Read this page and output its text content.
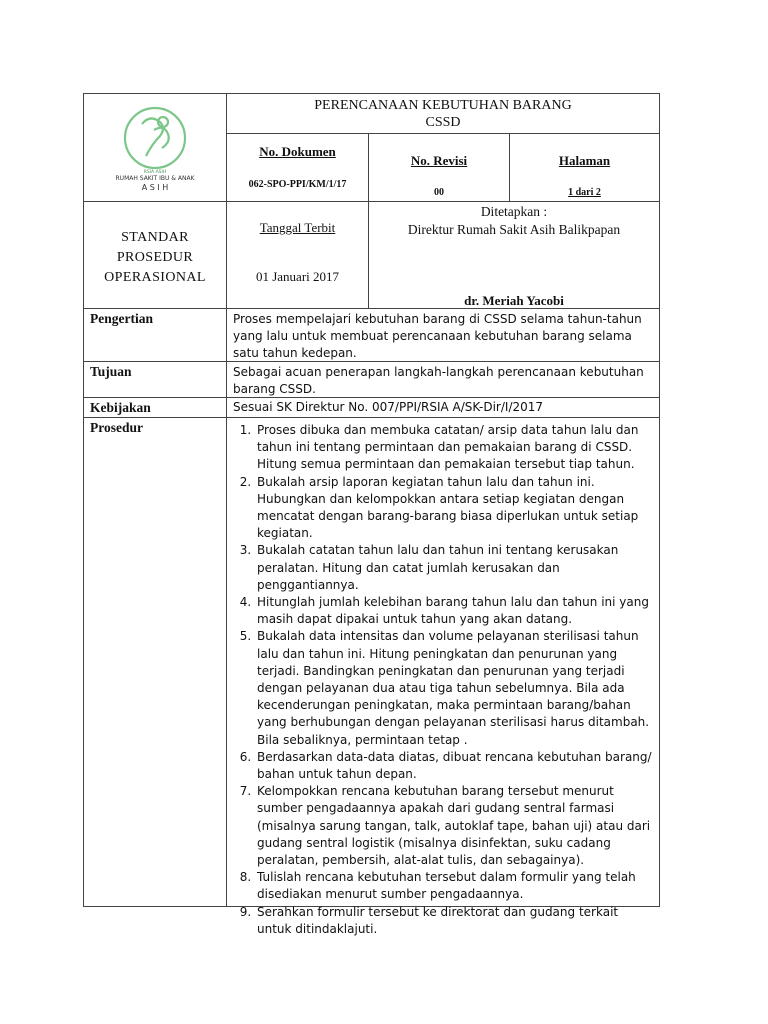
RSIA ASIH
RUMAH SAKIT IBU & ANAK
A S I H
PERENCANAAN KEBUTUHAN BARANG
CSSD
No. Dokumen
062-SPO-PPI/KM/1/17
No. Revisi
00
Halaman
1 dari 2
STANDAR
PROSEDUR
OPERASIONAL
Tanggal Terbit
01 Januari 2017
Ditetapkan :
Direktur Rumah Sakit Asih Balikpapan
dr. Meriah Yacobi
Pengertian	Proses mempelajari kebutuhan barang di CSSD selama tahun-tahun yang lalu untuk membuat perencanaan kebutuhan barang selama satu tahun kedepan.
Tujuan	Sebagai acuan penerapan langkah-langkah perencanaan kebutuhan barang CSSD.
Kebijakan	Sesuai SK Direktur No. 007/PPI/RSIA A/SK-Dir/I/2017
Prosedur
1.	Proses dibuka dan membuka catatan/ arsip data tahun lalu dan tahun ini tentang permintaan dan pemakaian barang di CSSD. Hitung semua permintaan dan pemakaian tersebut tiap tahun.
2. Bukalah arsip laporan kegiatan tahun lalu dan tahun ini. Hubungkan dan kelompokkan antara setiap kegiatan dengan mencatat dengan barang-barang biasa diperlukan untuk setiap kegiatan.
3. Bukalah catatan tahun lalu dan tahun ini tentang kerusakan peralatan. Hitung dan catat jumlah kerusakan dan penggantiannya.
4. Hitunglah jumlah kelebihan barang tahun lalu dan tahun ini yang masih dapat dipakai untuk tahun yang akan datang.
5. Bukalah data intensitas dan volume pelayanan sterilisasi tahun lalu dan tahun ini. Hitung peningkatan dan penurunan yang terjadi. Bandingkan peningkatan dan penurunan yang terjadi dengan pelayanan dua atau tiga tahun sebelumnya. Bila ada kecenderungan peningkatan, maka permintaan barang/bahan yang berhubungan dengan pelayanan sterilisasi harus ditambah. Bila sebaliknya, permintaan tetap .
6. Berdasarkan data-data diatas, dibuat rencana kebutuhan barang/ bahan untuk tahun depan.
7. Kelompokkan rencana kebutuhan barang tersebut menurut sumber pengadaannya apakah dari gudang sentral farmasi (misalnya sarung tangan, talk, autoklaf tape, bahan uji) atau dari gudang sentral logistik (misalnya disinfektan, suku cadang peralatan, pembersih, alat-alat tulis, dan sebagainya).
8. Tulislah rencana kebutuhan tersebut dalam formulir yang telah disediakan menurut sumber pengadaannya.
9. Serahkan formulir tersebut ke direktorat dan gudang terkait untuk ditindaklajuti.
